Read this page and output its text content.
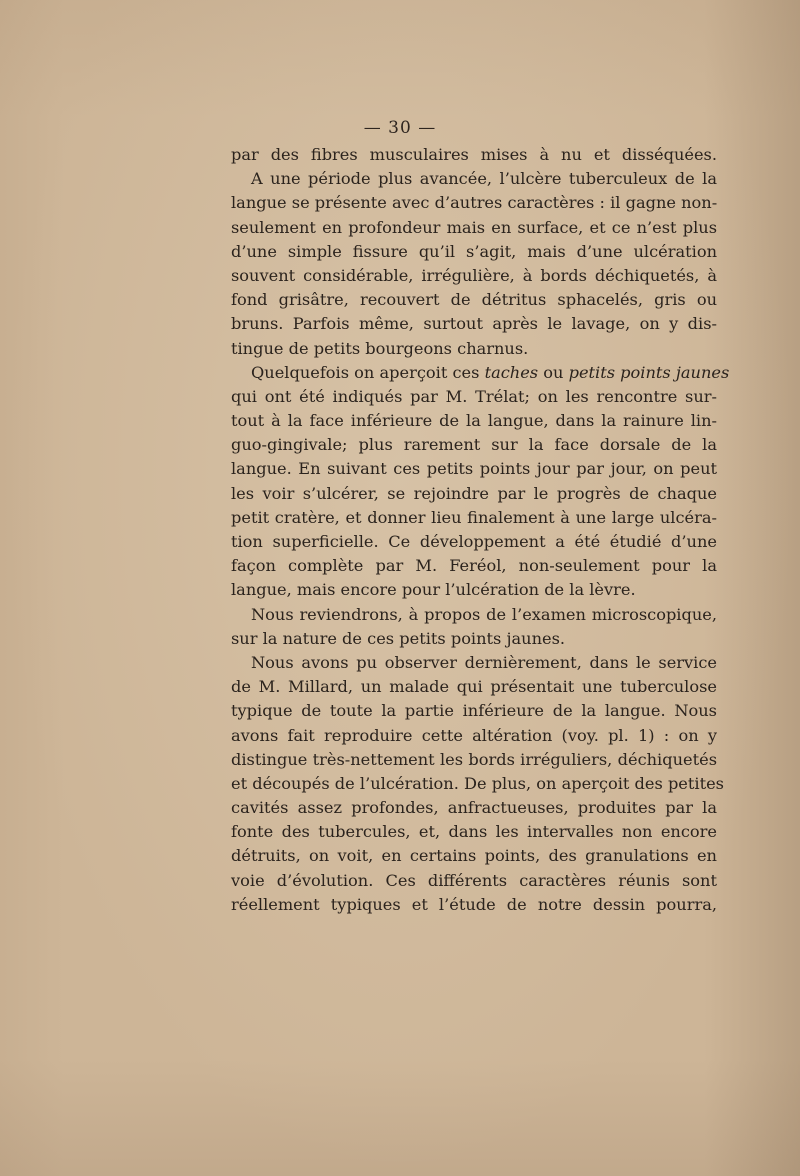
— 30 —
par des fibres musculaires mises à nu et disséquées.
A une période plus avancée, l’ulcère tuberculeux de la
langue se présente avec d’autres caractères : il gagne non-
seulement en profondeur mais en surface, et ce n’est plus
d’une simple fissure qu’il s’agit, mais d’une ulcération
souvent considérable, irrégulière, à bords déchiquetés, à
fond grisâtre, recouvert de détritus sphacelés, gris ou
bruns. Parfois même, surtout après le lavage, on y dis-
tingue de petits bourgeons charnus.
Quelquefois on aperçoit ces taches ou petits points jaunes
qui ont été indiqués par M. Trélat; on les rencontre sur-
tout à la face inférieure de la langue, dans la rainure lin-
guo-gingivale; plus rarement sur la face dorsale de la
langue. En suivant ces petits points jour par jour, on peut
les voir s’ulcérer, se rejoindre par le progrès de chaque
petit cratère, et donner lieu finalement à une large ulcéra-
tion superficielle. Ce développement a été étudié d’une
façon complète par M. Feréol, non-seulement pour la
langue, mais encore pour l’ulcération de la lèvre.
Nous reviendrons, à propos de l’examen microscopique,
sur la nature de ces petits points jaunes.
Nous avons pu observer dernièrement, dans le service
de M. Millard, un malade qui présentait une tuberculose
typique de toute la partie inférieure de la langue. Nous
avons fait reproduire cette altération (voy. pl. 1) : on y
distingue très-nettement les bords irréguliers, déchiquetés
et découpés de l’ulcération. De plus, on aperçoit des petites
cavités assez profondes, anfractueuses, produites par la
fonte des tubercules, et, dans les intervalles non encore
détruits, on voit, en certains points, des granulations en
voie d’évolution. Ces différents caractères réunis sont
réellement typiques et l’étude de notre dessin pourra,
